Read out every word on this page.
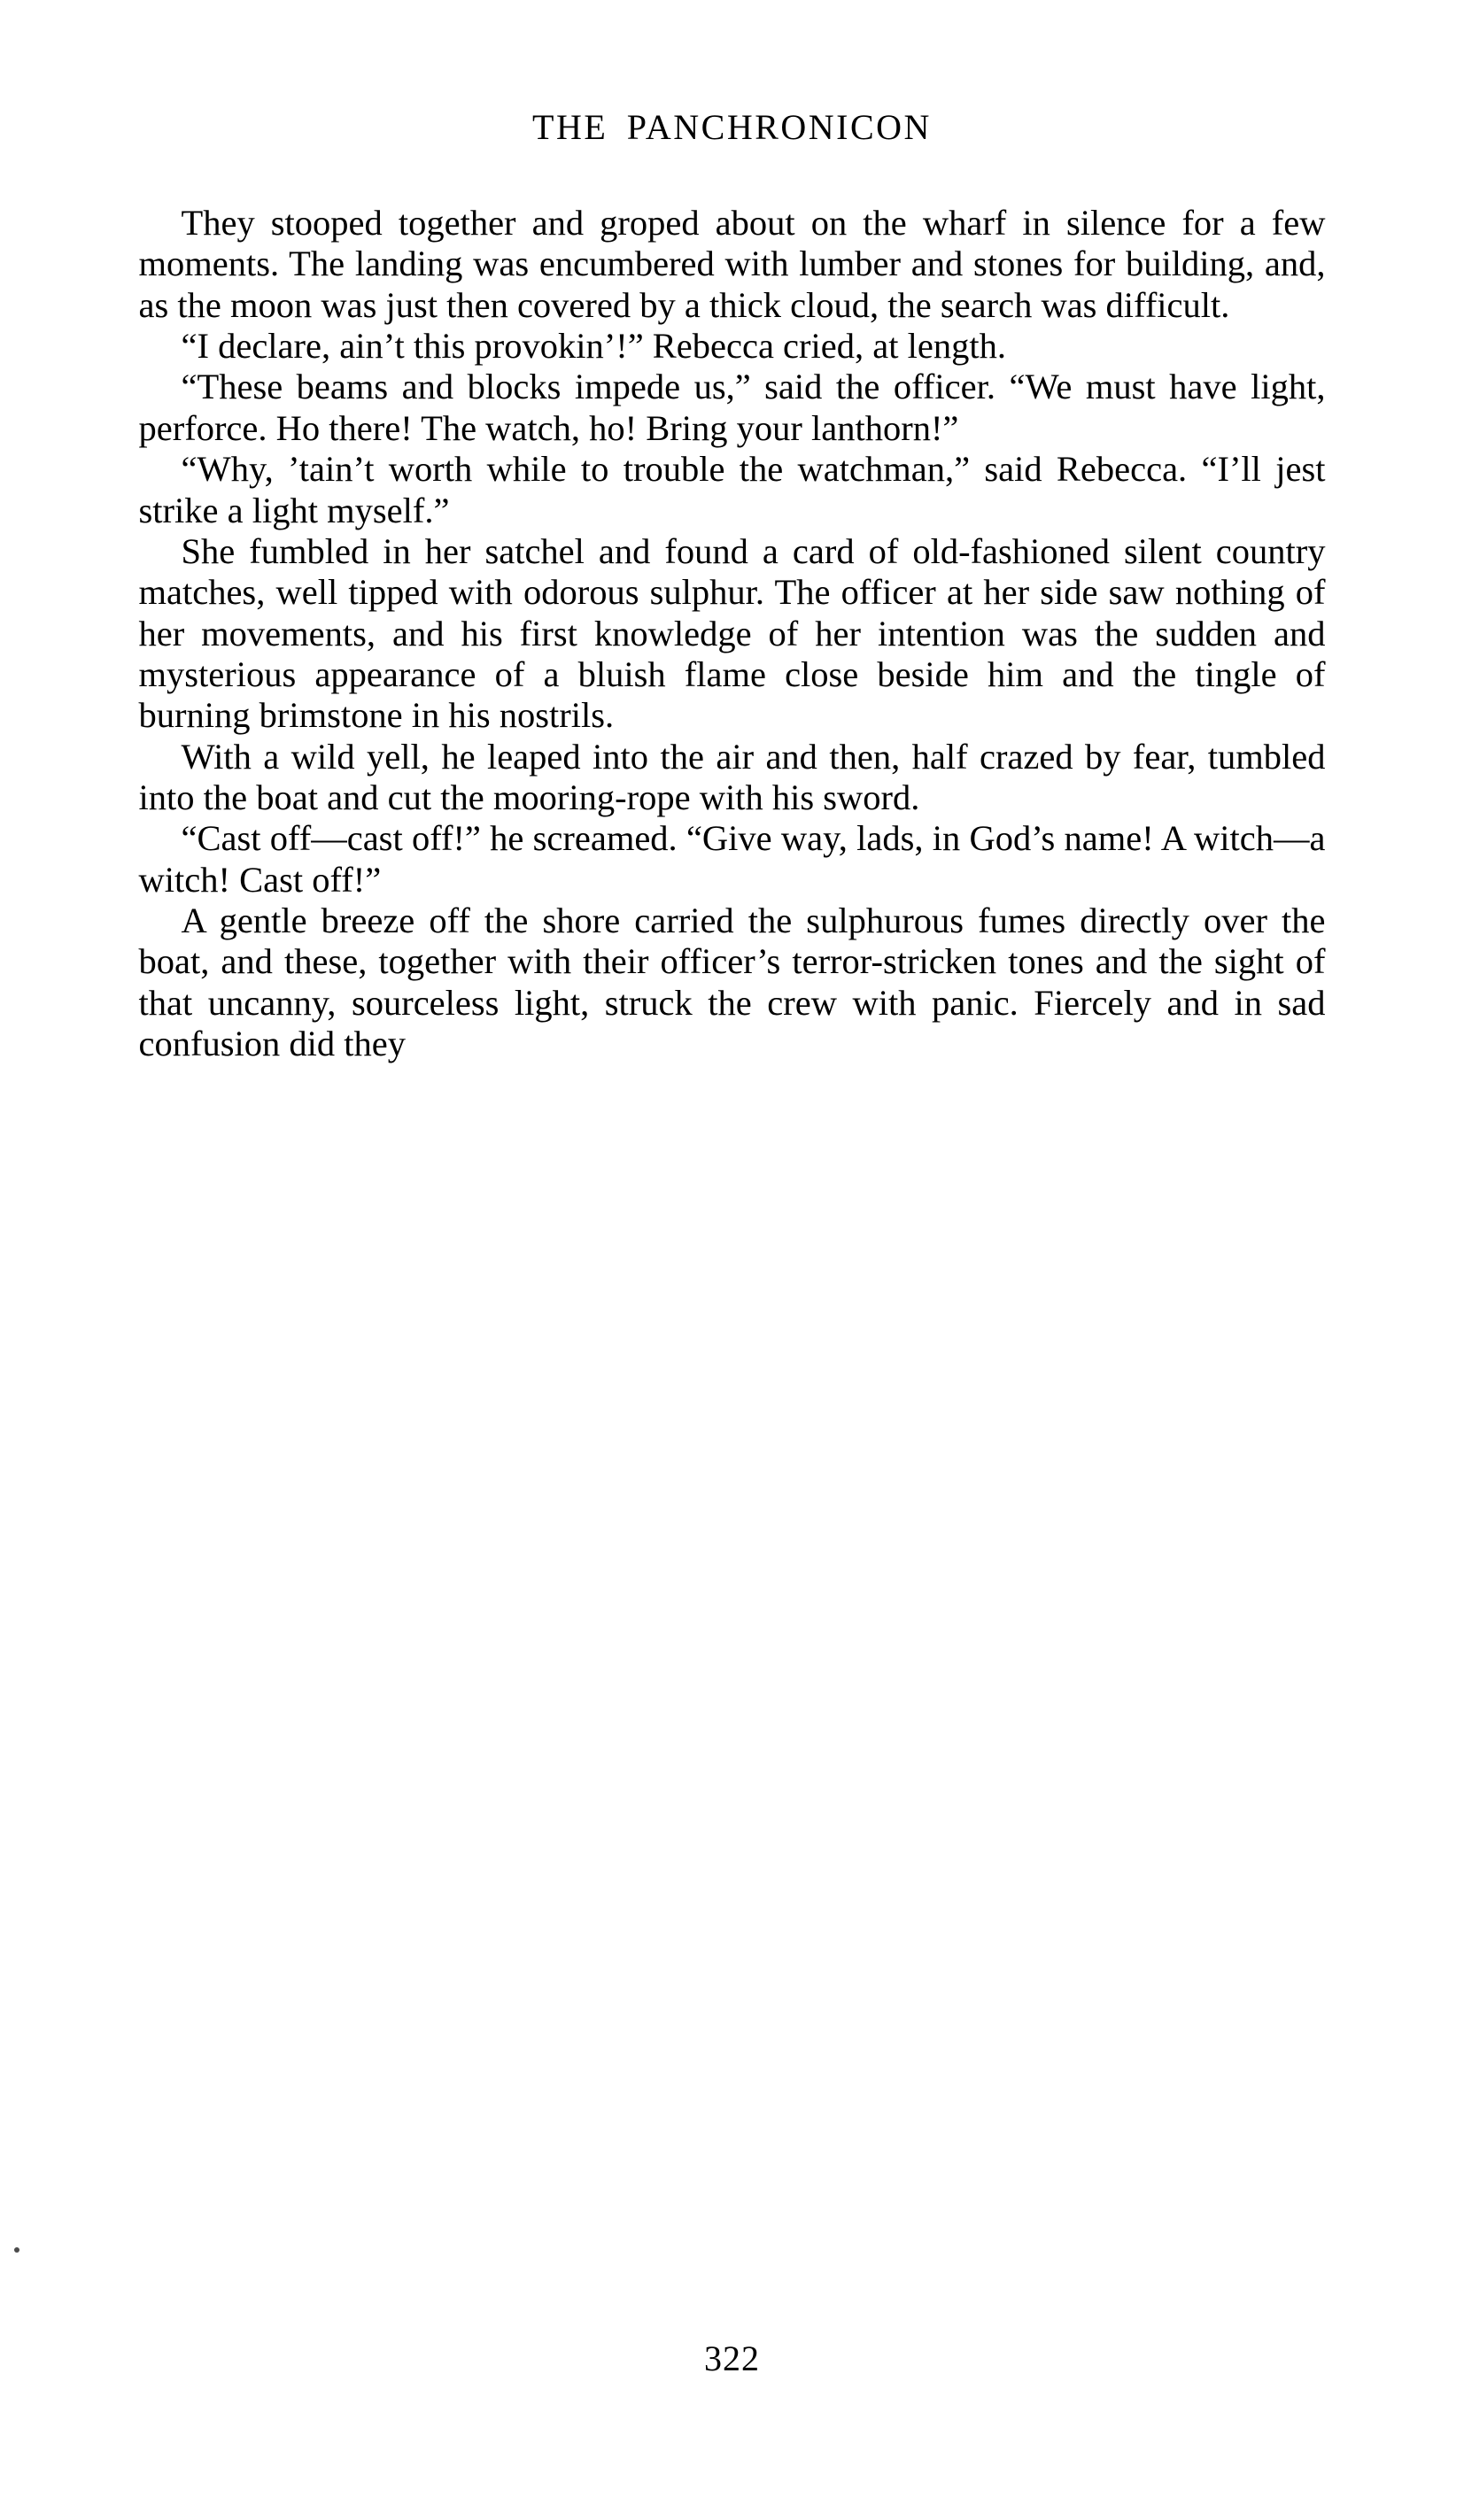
THE PANCHRONICON

They stooped together and groped about on the wharf in silence for a few moments. The landing was encumbered with lumber and stones for building, and, as the moon was just then covered by a thick cloud, the search was difficult.

“I declare, ain’t this provokin’!” Rebecca cried, at length.

“These beams and blocks impede us,” said the officer. “We must have light, perforce. Ho there! The watch, ho! Bring your lanthorn!”

“Why, ’tain’t worth while to trouble the watchman,” said Rebecca. “I’ll jest strike a light myself.”

She fumbled in her satchel and found a card of old-fashioned silent country matches, well tipped with odorous sulphur. The officer at her side saw nothing of her movements, and his first knowledge of her intention was the sudden and mysterious appearance of a bluish flame close beside him and the tingle of burning brimstone in his nostrils.

With a wild yell, he leaped into the air and then, half crazed by fear, tumbled into the boat and cut the mooring-rope with his sword.

“Cast off—cast off!” he screamed. “Give way, lads, in God’s name! A witch—a witch! Cast off!”

A gentle breeze off the shore carried the sulphurous fumes directly over the boat, and these, together with their officer’s terror-stricken tones and the sight of that uncanny, sourceless light, struck the crew with panic. Fiercely and in sad confusion did they

322
